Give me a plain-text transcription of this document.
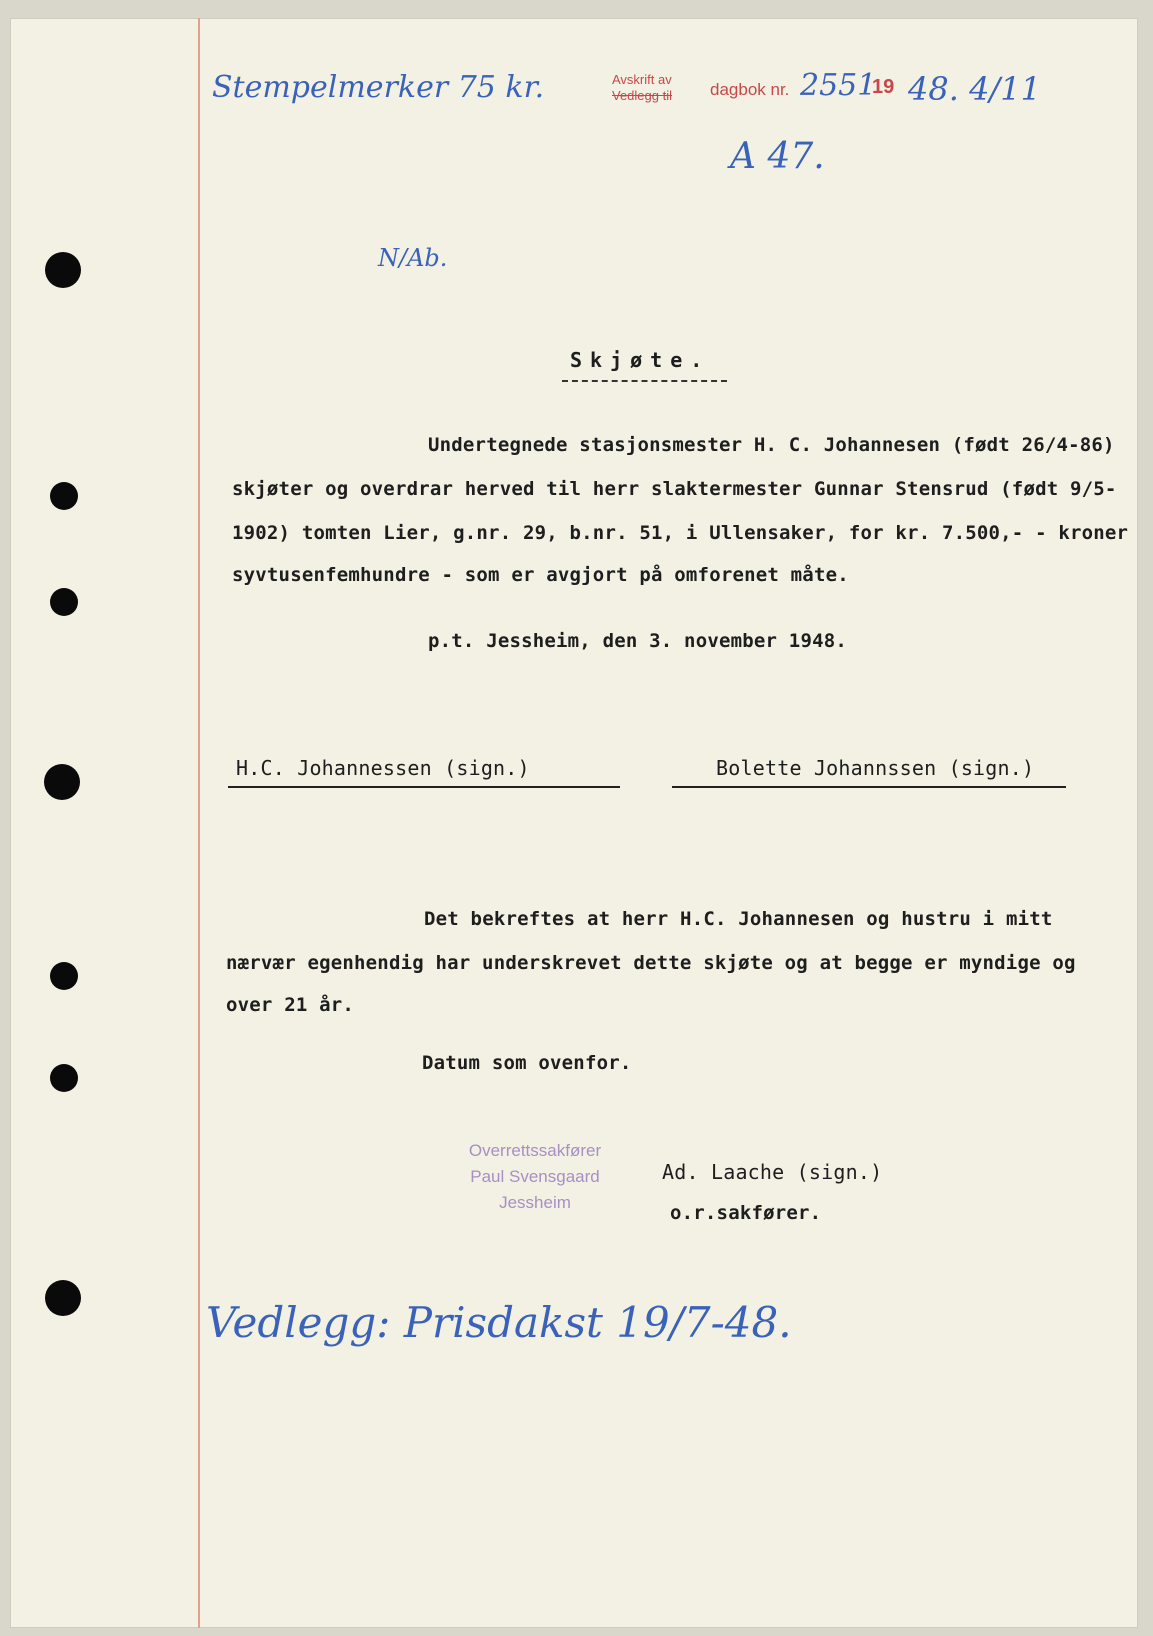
Stempelmerker 75 kr.	Avskrift av
Vedlegg til dagbok nr. 2551
19 48. 4/11
A 47.
N/Ab.
Skjøte.
Undertegnede stasjonsmester H. C. Johannesen (født 26/4-86)
skjøter og overdrar herved til herr slaktermester Gunnar Stensrud (født 9/5-
1902) tomten Lier, g.nr. 29, b.nr. 51, i Ullensaker, for kr. 7.500,- - kroner
syvtusenfemhundre - som er avgjort på omforenet måte.
p.t. Jessheim, den 3. november 1948.
H.C. Johannessen (sign.)	Bolette Johannssen (sign.)
Det bekreftes at herr H.C. Johannesen og hustru i mitt
nærvær egenhendig har underskrevet dette skjøte og at begge er myndige og
over 21 år.
Datum som ovenfor.
Overrettssakfører
Paul Svensgaard
Jessheim
Ad. Laache (sign.)
o.r.sakfører.
Vedlegg: Prisdakst 19/7-48.
